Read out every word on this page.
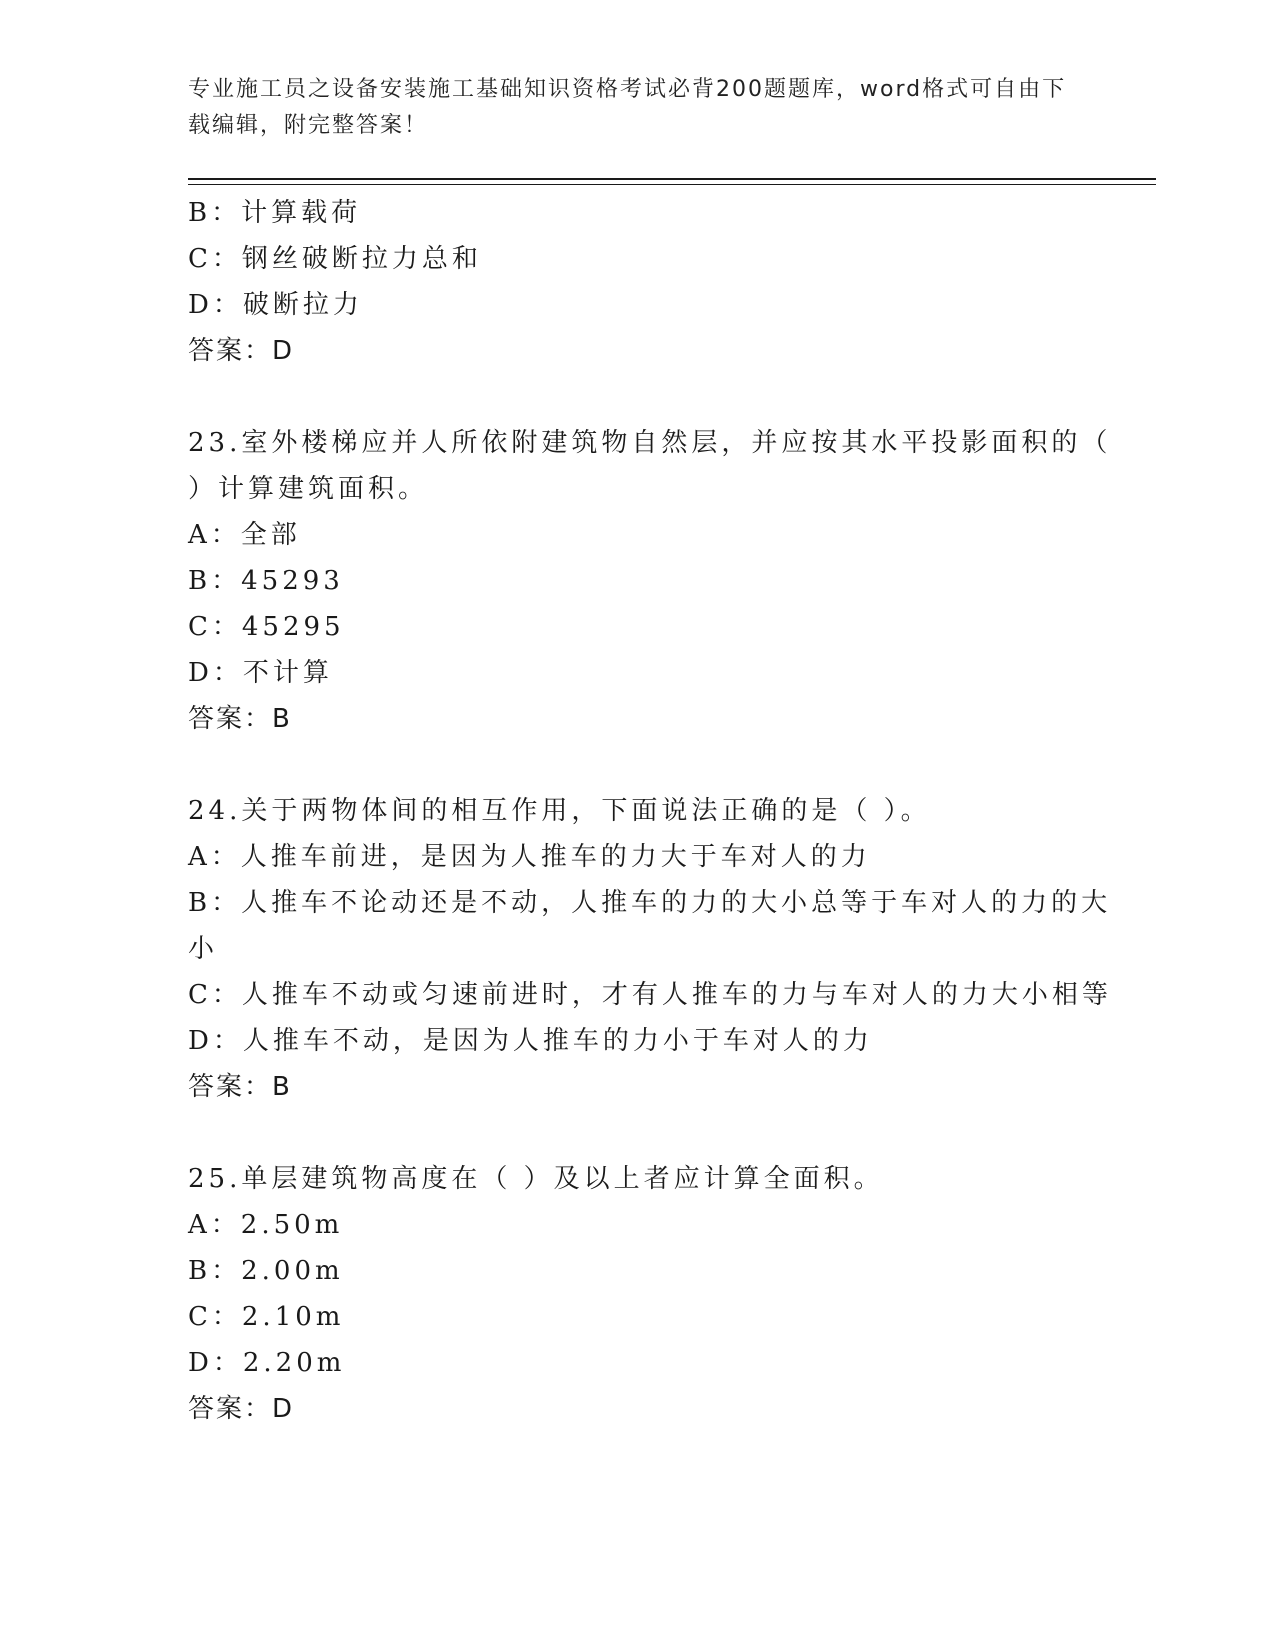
专业施工员之设备安装施工基础知识资格考试必背200题题库，word格式可自由下载编辑，附完整答案！
B：计算载荷
C：钢丝破断拉力总和
D：破断拉力
答案：D
23.室外楼梯应并人所依附建筑物自然层，并应按其水平投影面积的（
）计算建筑面积。
A：全部
B：45293
C：45295
D：不计算
答案：B
24.关于两物体间的相互作用，下面说法正确的是（ ）。
A：人推车前进，是因为人推车的力大于车对人的力
B：人推车不论动还是不动，人推车的力的大小总等于车对人的力的大
小
C：人推车不动或匀速前进时，才有人推车的力与车对人的力大小相等
D：人推车不动，是因为人推车的力小于车对人的力
答案：B
25.单层建筑物高度在（ ）及以上者应计算全面积。
A：2.50m
B：2.00m
C：2.10m
D：2.20m
答案：D
